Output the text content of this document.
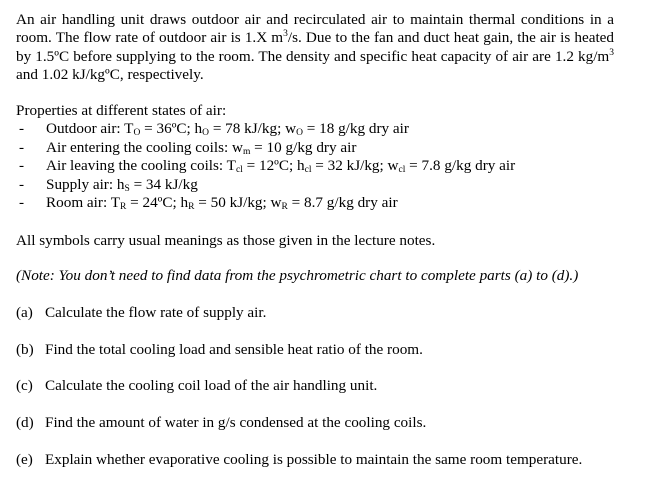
An air handling unit draws outdoor air and recirculated air to maintain thermal conditions in a room. The flow rate of outdoor air is 1.X $m^3/s$. Due to the fan and duct heat gain, the air is heated by 1.5ºC before supplying to the room. The density and specific heat capacity of air are 1.2 $kg/m^3$ and 1.02 kJ/kgºC, respectively.

Properties at different states of air:

- Outdoor air: $T_O$ = 36ºC; $h_O = 78$ kJ/kg; $w_O = 18$ g/kg dry air
- Air entering the cooling coils: $w_m = 10$ g/kg dry air
- Air leaving the cooling coils: $T_{cl}$ = 12ºC; $h_{cl} = 32$ kJ/kg; $w_{cl} = 7.8$ g/kg dry air
- Supply air: $h_S = 34$ kJ/kg
- Room air: $T_R$ = 24ºC; $h_R = 50$ kJ/kg; $w_R = 8.7$ g/kg dry air

All symbols carry usual meanings as those given in the lecture notes.

(Note: You don’t need to find data from the psychrometric chart to complete parts (a) to (d).)

(a) Calculate the flow rate of supply air.

(b) Find the total cooling load and sensible heat ratio of the room.

(c) Calculate the cooling coil load of the air handling unit.

(d) Find the amount of water in g/s condensed at the cooling coils.

(e) Explain whether evaporative cooling is possible to maintain the same room temperature.
